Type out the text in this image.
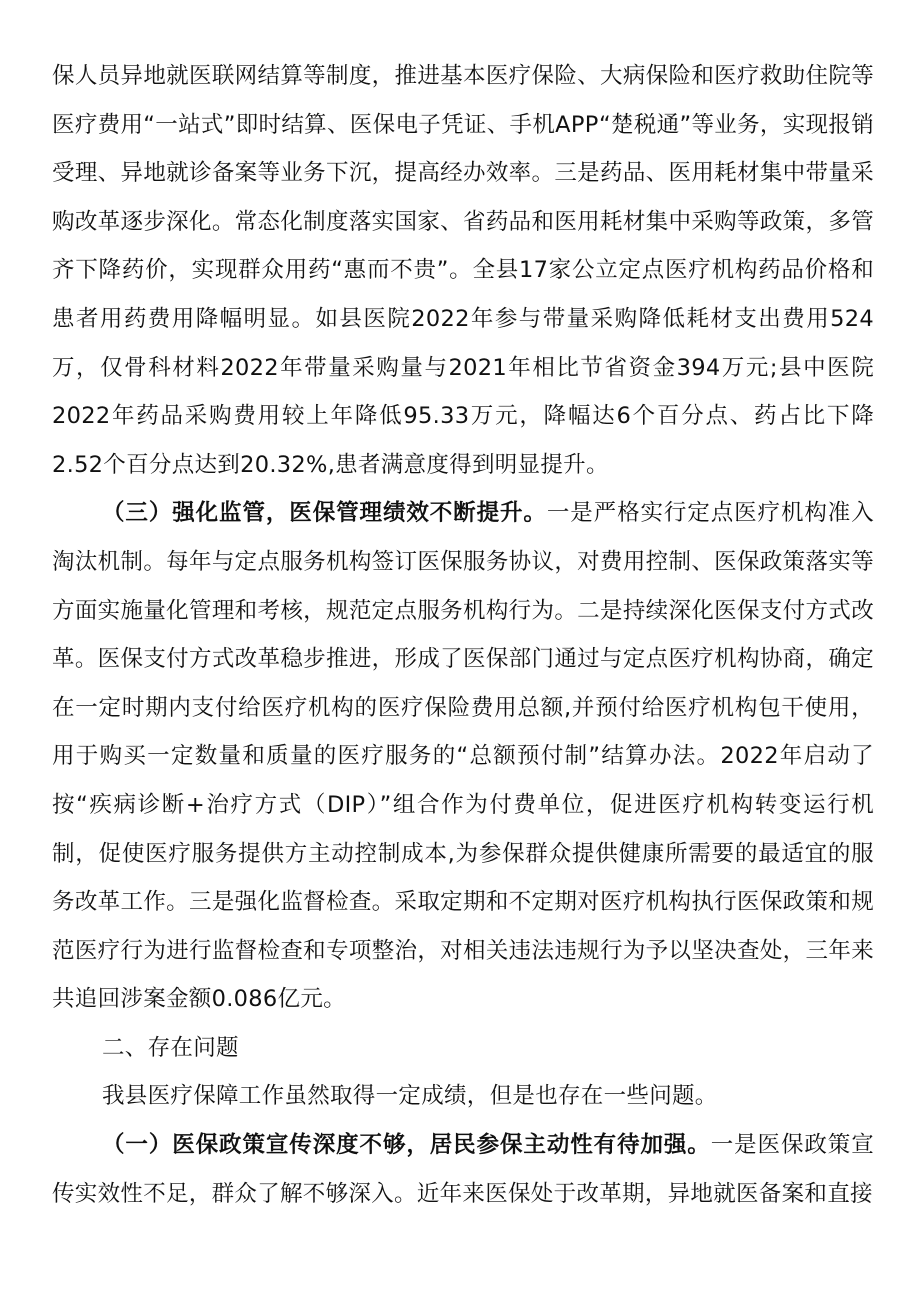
保人员异地就医联网结算等制度，推进基本医疗保险、大病保险和医疗救助住院等医疗费用“一站式”即时结算、医保电子凭证、手机APP“楚税通”等业务，实现报销受理、异地就诊备案等业务下沉，提高经办效率。三是药品、医用耗材集中带量采购改革逐步深化。常态化制度落实国家、省药品和医用耗材集中采购等政策，多管齐下降药价，实现群众用药“惠而不贵”。全县17家公立定点医疗机构药品价格和患者用药费用降幅明显。如县医院2022年参与带量采购降低耗材支出费用524万，仅骨科材料2022年带量采购量与2021年相比节省资金394万元;县中医院2022年药品采购费用较上年降低95.33万元，降幅达6个百分点、药占比下降2.52个百分点达到20.32%,患者满意度得到明显提升。

（三）强化监管，医保管理绩效不断提升。一是严格实行定点医疗机构准入淘汰机制。每年与定点服务机构签订医保服务协议，对费用控制、医保政策落实等方面实施量化管理和考核，规范定点服务机构行为。二是持续深化医保支付方式改革。医保支付方式改革稳步推进，形成了医保部门通过与定点医疗机构协商，确定在一定时期内支付给医疗机构的医疗保险费用总额,并预付给医疗机构包干使用，用于购买一定数量和质量的医疗服务的“总额预付制”结算办法。2022年启动了按“疾病诊断+治疗方式（DIP）”组合作为付费单位，促进医疗机构转变运行机制，促使医疗服务提供方主动控制成本,为参保群众提供健康所需要的最适宜的服务改革工作。三是强化监督检查。采取定期和不定期对医疗机构执行医保政策和规范医疗行为进行监督检查和专项整治，对相关违法违规行为予以坚决查处，三年来共追回涉案金额0.086亿元。

二、存在问题

我县医疗保障工作虽然取得一定成绩，但是也存在一些问题。

（一）医保政策宣传深度不够，居民参保主动性有待加强。一是医保政策宣传实效性不足，群众了解不够深入。近年来医保处于改革期，异地就医备案和直接
